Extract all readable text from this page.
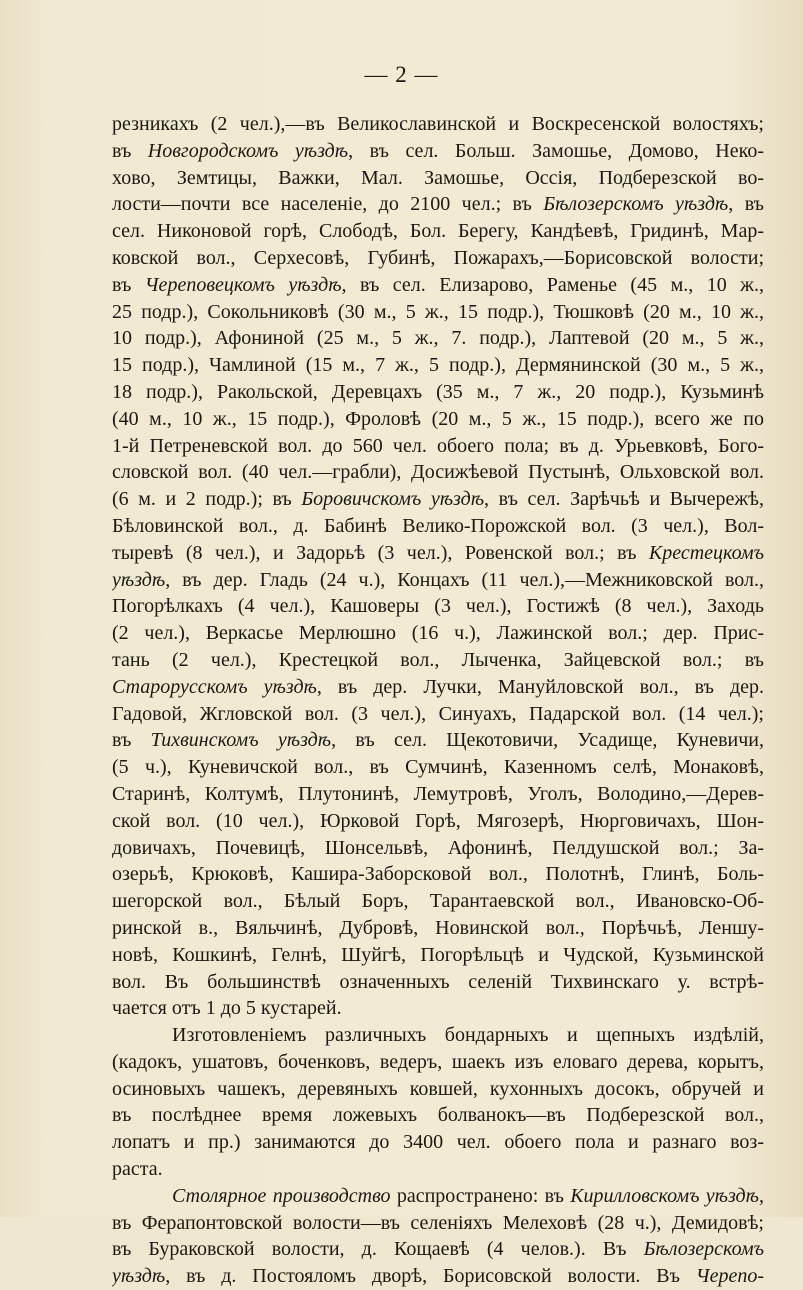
— 2 —
резникахъ (2 чел.),—въ Великославинской и Воскресенской волостяхъ;
въ Новгородскомъ уѣздѣ, въ сел. Больш. Замошье, Домово, Неко-
хово, Земтицы, Важки, Мал. Замошье, Оссія, Подберезской во-
лости—почти все населеніе, до 2100 чел.; въ Бѣлозерскомъ уѣздѣ, въ
сел. Никоновой горѣ, Слободѣ, Бол. Берегу, Кандѣевѣ, Гридинѣ, Мар-
ковской вол., Серхесовѣ, Губинѣ, Пожарахъ,—Борисовской волости;
въ Череповецкомъ уѣздѣ, въ сел. Елизарово, Раменье (45 м., 10 ж.,
25 подр.), Сокольниковѣ (30 м., 5 ж., 15 подр.), Тюшковѣ (20 м., 10 ж.,
10 подр.), Афониной (25 м., 5 ж., 7. подр.), Лаптевой (20 м., 5 ж.,
15 подр.), Чамлиной (15 м., 7 ж., 5 подр.), Дермянинской (30 м., 5 ж.,
18 подр.), Ракольской, Деревцахъ (35 м., 7 ж., 20 подр.), Кузьминѣ
(40 м., 10 ж., 15 подр.), Фроловѣ (20 м., 5 ж., 15 подр.), всего же по
1-й Петреневской вол. до 560 чел. обоего пола; въ д. Урьевковѣ, Бого-
словской вол. (40 чел.—грабли), Досижѣевой Пустынѣ, Ольховской вол.
(6 м. и 2 подр.); въ Боровичскомъ уѣздѣ, въ сел. Зарѣчьѣ и Вычережѣ,
Бѣловинской вол., д. Бабинѣ Велико-Порожской вол. (3 чел.), Вол-
тыревѣ (8 чел.), и Задорьѣ (3 чел.), Ровенской вол.; въ Крестецкомъ
уѣздѣ, въ дер. Гладь (24 ч.), Концахъ (11 чел.),—Межниковской вол.,
Погорѣлкахъ (4 чел.), Кашоверы (3 чел.), Гостижѣ (8 чел.), Заходь
(2 чел.), Веркасье Мерлюшно (16 ч.), Лажинской вол.; дер. Прис-
тань (2 чел.), Крестецкой вол., Лыченка, Зайцевской вол.; въ
Старорусскомъ уѣздѣ, въ дер. Лучки, Мануйловской вол., въ дер.
Гадовой, Жгловской вол. (3 чел.), Синуахъ, Падарской вол. (14 чел.);
въ Тихвинскомъ уѣздѣ, въ сел. Щекотовичи, Усадище, Куневичи,
(5 ч.), Куневичской вол., въ Сумчинѣ, Казенномъ селѣ, Монаковѣ,
Старинѣ, Колтумѣ, Плутонинѣ, Лемутровѣ, Уголъ, Володино,—Дерев-
ской вол. (10 чел.), Юрковой Горѣ, Мягозерѣ, Нюрговичахъ, Шон-
довичахъ, Почевицѣ, Шонсельвѣ, Афонинѣ, Пелдушской вол.; За-
озерьѣ, Крюковѣ, Кашира-Заборсковой вол., Полотнѣ, Глинѣ, Боль-
шегорской вол., Бѣлый Боръ, Тарантаевской вол., Ивановско-Об-
ринской в., Вяльчинѣ, Дубровѣ, Новинской вол., Порѣчьѣ, Леншу-
новѣ, Кошкинѣ, Гелнѣ, Шуйгѣ, Погорѣльцѣ и Чудской, Кузьминской
вол. Въ большинствѣ означенныхъ селеній Тихвинскаго у. встрѣ-
чается отъ 1 до 5 кустарей.
Изготовленіемъ различныхъ бондарныхъ и щепныхъ издѣлій,
(кадокъ, ушатовъ, боченковъ, ведеръ, шаекъ изъ еловаго дерева, корытъ,
осиновыхъ чашекъ, деревяныхъ ковшей, кухонныхъ досокъ, обручей и
въ послѣднее время ложевыхъ болванокъ—въ Подберезской вол.,
лопатъ и пр.) занимаются до 3400 чел. обоего пола и разнаго воз-
раста.
Столярное производство распространено: въ Кирилловскомъ уѣздѣ,
въ Ферапонтовской волости—въ селеніяхъ Мелеховѣ (28 ч.), Демидовѣ;
въ Бураковской волости, д. Кощаевѣ (4 челов.). Въ Бѣлозерскомъ
уѣздѣ, въ д. Постояломъ дворѣ, Борисовской волости. Въ Черепо-
